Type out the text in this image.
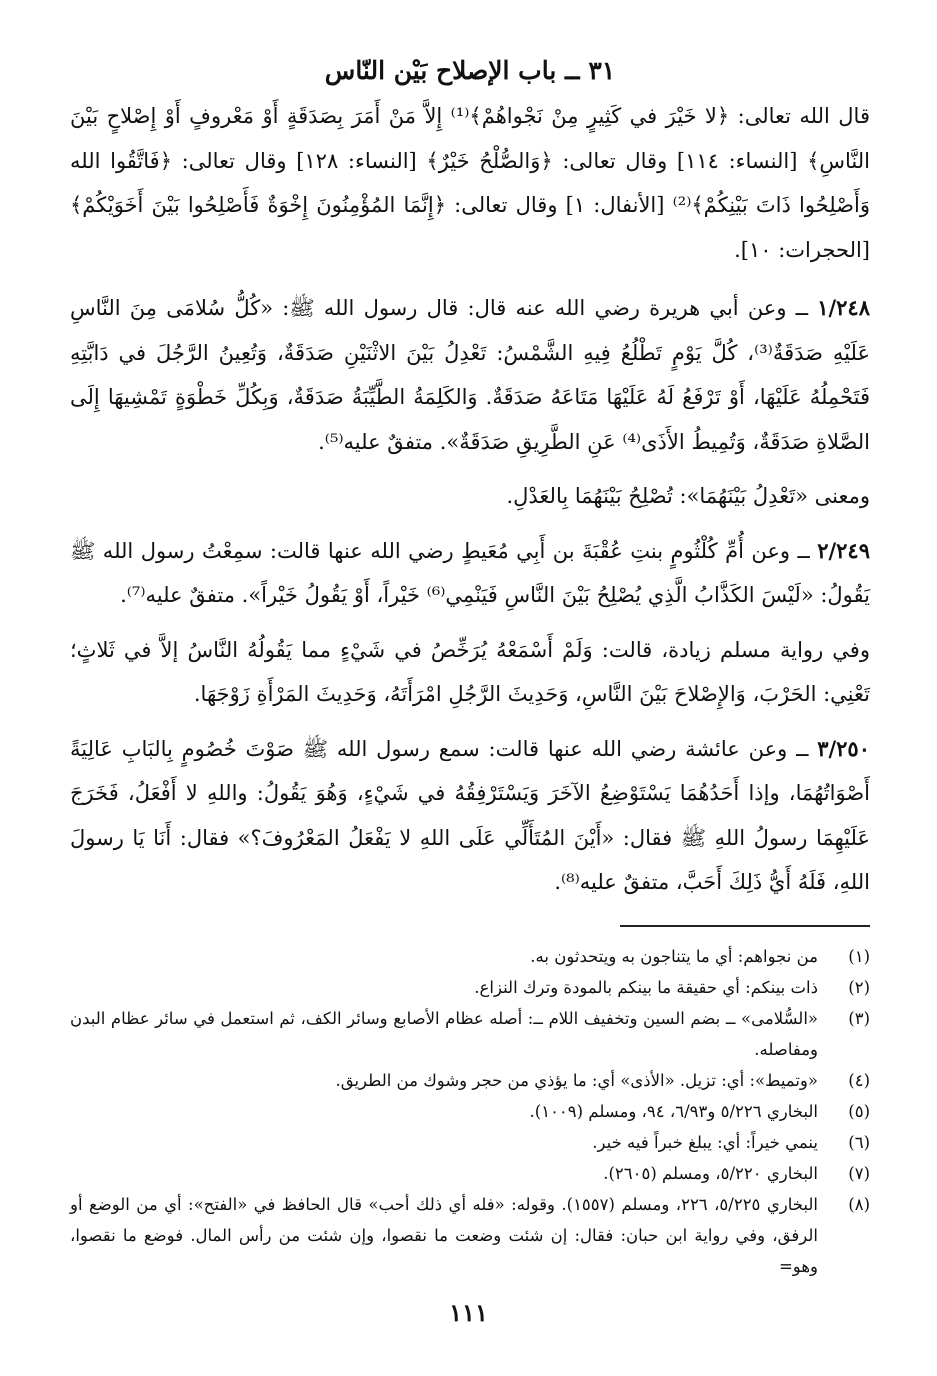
٣١ ــ باب الإصلاح بَيْن النّاس

قال الله تعالى: ﴿لا خَيْرَ في كَثِيرٍ مِنْ نَجْواهُمْ﴾⁽¹⁾ إِلاَّ مَنْ أَمَرَ بِصَدَقَةٍ أَوْ مَعْروفٍ أَوْ إِصْلاحٍ بَيْنَ النَّاسِ﴾ [النساء: ١١٤] وقال تعالى: ﴿وَالصُّلْحُ خَيْرٌ﴾ [النساء: ١٢٨] وقال تعالى: ﴿فَاتَّقُوا الله وَأَصْلِحُوا ذَاتَ بَيْنِكُمْ﴾⁽²⁾ [الأنفال: ١] وقال تعالى: ﴿إِنَّمَا المُؤْمِنُونَ إِخْوَةٌ فَأَصْلِحُوا بَيْنَ أَخَوَيْكُمْ﴾ [الحجرات: ١٠].

١/٢٤٨ ــ وعن أبي هريرة رضي الله عنه قال: قال رسول الله ﷺ: «كُلُّ سُلامَى مِنَ النَّاسِ عَلَيْهِ صَدَقَةٌ⁽³⁾، كُلَّ يَوْمٍ تَطْلُعُ فِيهِ الشَّمْسُ: تَعْدِلُ بَيْنَ الاثْنَيْنِ صَدَقَةٌ، وَتُعِينُ الرَّجُلَ في دَابَّتِهِ فَتَحْمِلُهُ عَلَيْهَا، أَوْ تَرْفَعُ لَهُ عَلَيْهَا مَتَاعَهُ صَدَقَةٌ. وَالكَلِمَةُ الطَّيِّبَةُ صَدَقَةٌ، وَبِكُلِّ خَطْوَةٍ تَمْشِيهَا إِلَى الصَّلاةِ صَدَقَةٌ، وَتُمِيطُ الأَذَى⁽⁴⁾ عَنِ الطَّرِيقِ صَدَقَةٌ». متفقٌ عليه⁽⁵⁾.

ومعنى «تَعْدِلُ بَيْنَهُمَا»: تُصْلِحُ بَيْنَهُمَا بِالعَدْلِ.

٢/٢٤٩ ــ وعن أُمِّ كُلْثُومٍ بنتِ عُقْبَةَ بن أَبِي مُعَيطٍ رضي الله عنها قالت: سمِعْتُ رسول الله ﷺ يَقُولُ: «لَيْسَ الكَذَّابُ الَّذِي يُصْلِحُ بَيْنَ النَّاسِ فَيَنْمِي⁽⁶⁾ خَيْراً، أَوْ يَقُولُ خَيْراً». متفقٌ عليه⁽⁷⁾.

وفي رواية مسلم زيادة، قالت: وَلَمْ أَسْمَعْهُ يُرَخِّصُ في شَيْءٍ مما يَقُولُهُ النَّاسُ إلاَّ في ثَلاثٍ؛ تَعْنِي: الحَرْبَ، وَالإِصْلاحَ بَيْنَ النَّاسِ، وَحَدِيثَ الرَّجُلِ امْرَأَتَهُ، وَحَدِيثَ المَرْأَةِ زَوْجَهَا.

٣/٢٥٠ ــ وعن عائشة رضي الله عنها قالت: سمع رسول الله ﷺ صَوْتَ خُصُومٍ بِالبَابِ عَالِيَةً أَصْوَاتُهُمَا، وإذا أَحَدُهُمَا يَسْتَوْضِعُ الآخَرَ وَيَسْتَرْفِقُهُ في شَيْءٍ، وَهُوَ يَقُولُ: واللهِ لا أَفْعَلُ، فَخَرَجَ عَلَيْهِمَا رسولُ اللهِ ﷺ فقال: «أَيْنَ المُتَأَلِّي عَلَى اللهِ لا يَفْعَلُ المَعْرُوفَ؟» فقال: أَنَا يَا رسولَ اللهِ، فَلَهُ أَيُّ ذَلِكَ أَحَبَّ، متفقٌ عليه⁽⁸⁾.

(١)
من نجواهم: أي ما يتناجون به ويتحدثون به.
(٢)
ذات بينكم: أي حقيقة ما بينكم بالمودة وترك النزاع.
(٣)
«السُّلامى» ــ بضم السين وتخفيف اللام ــ: أصله عظام الأصابع وسائر الكف، ثم استعمل في سائر عظام البدن ومفاصله.
(٤)
«وتميط»: أي: تزيل. «الأذى» أي: ما يؤذي من حجر وشوك من الطريق.
(٥)
البخاري ٥/٢٢٦ و٦/٩٣، ٩٤، ومسلم (١٠٠٩).
(٦)
ينمي خيراً: أي: يبلغ خبراً فيه خير.
(٧)
البخاري ٥/٢٢٠، ومسلم (٢٦٠٥).
(٨)
البخاري ٥/٢٢٥، ٢٢٦، ومسلم (١٥٥٧). وقوله: «فله أي ذلك أحب» قال الحافظ في «الفتح»: أي من الوضع أو الرفق، وفي رواية ابن حبان: فقال: إن شئت وضعت ما نقصوا، وإن شئت من رأس المال. فوضع ما نقصوا، وهو=
١١١
